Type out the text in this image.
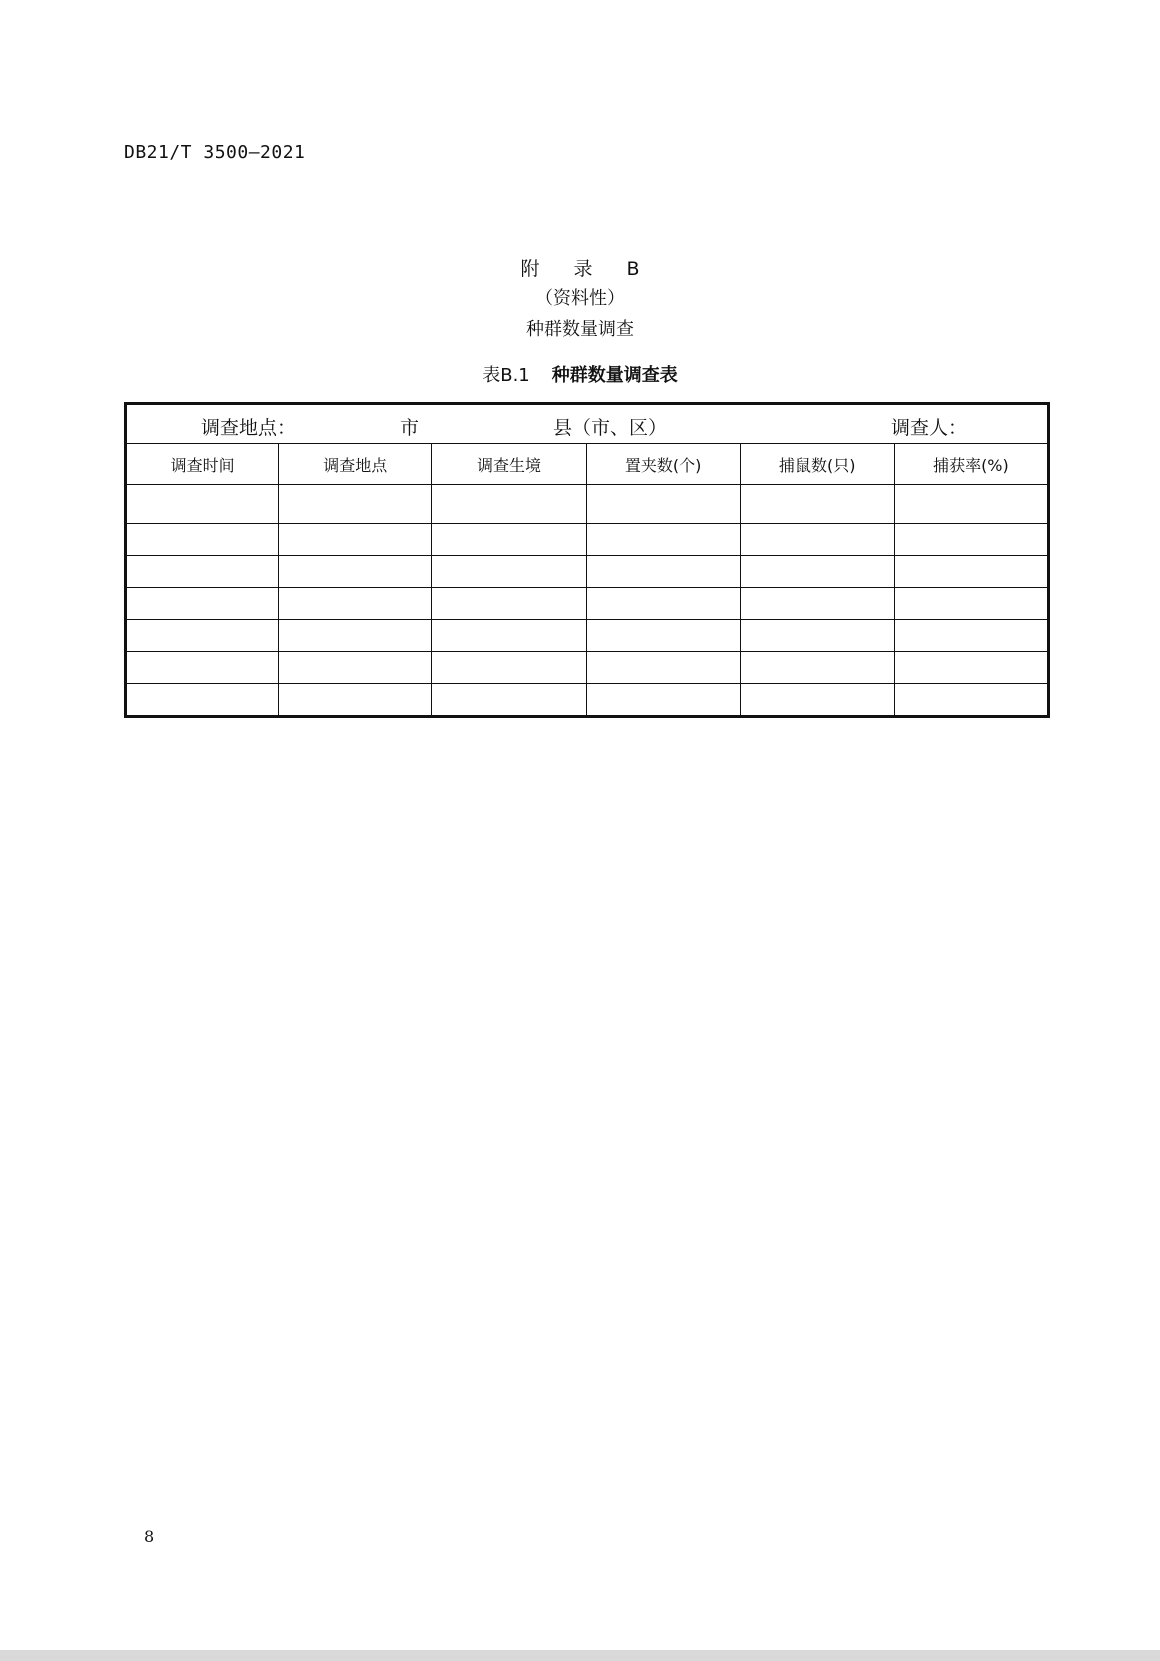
DB21/T 3500—2021
附 录 B
（资料性）
种群数量调查
表B.1 种群数量调查表
调查地点： 市 县（市、区） 调查人：					

调查时间	调查地点	调查生境	置夹数(个)	捕鼠数(只)	捕获率(%)

8
